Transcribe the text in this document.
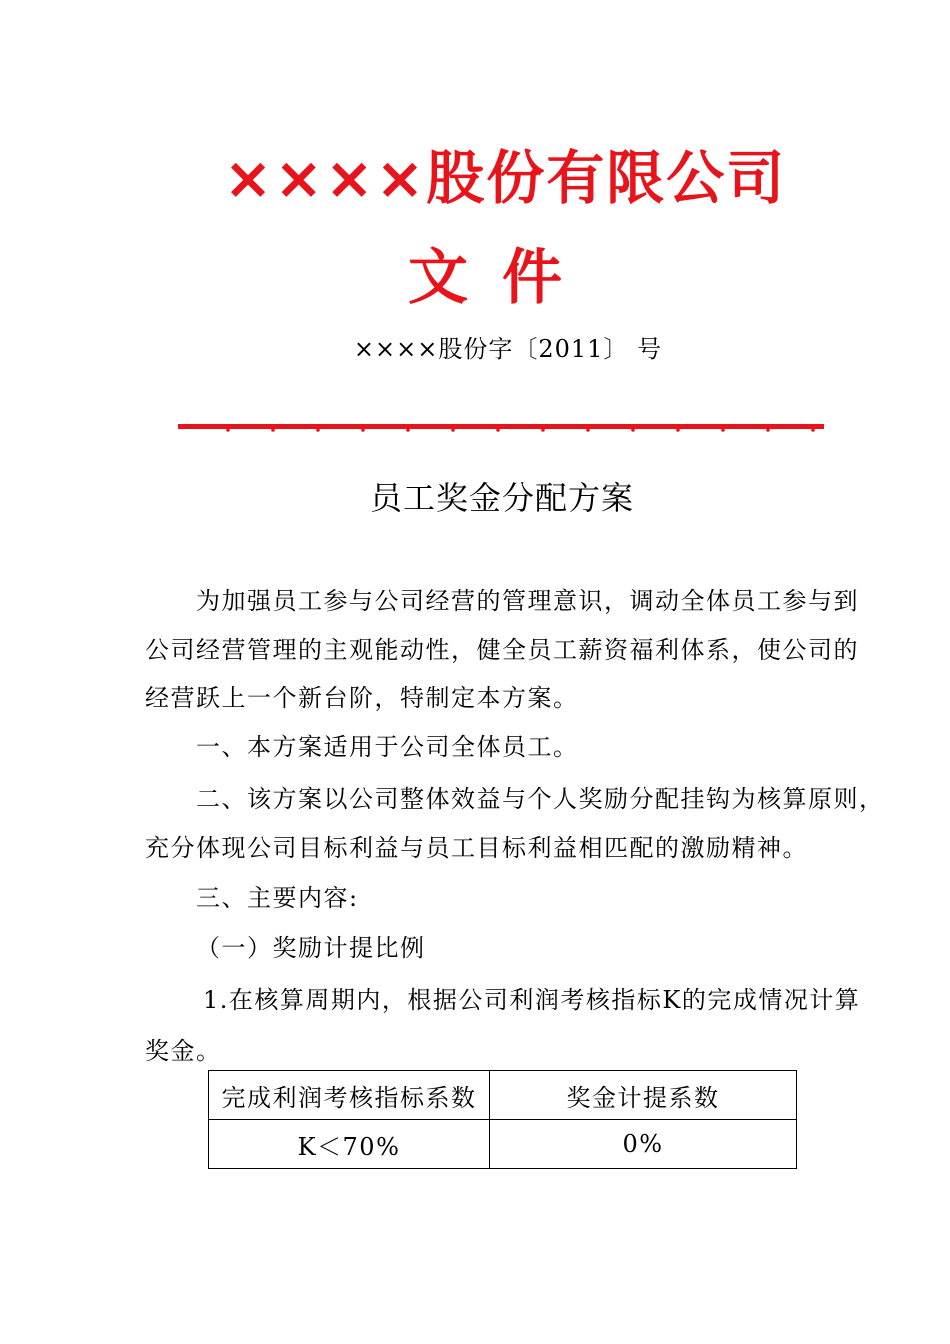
××××股份有限公司
文件
××××股份字〔2011〕 号
员工奖金分配方案
为加强员工参与公司经营的管理意识，调动全体员工参与到
公司经营管理的主观能动性，健全员工薪资福利体系，使公司的
经营跃上一个新台阶，特制定本方案。
一、本方案适用于公司全体员工。
二、该方案以公司整体效益与个人奖励分配挂钩为核算原则，
充分体现公司目标利益与员工目标利益相匹配的激励精神。
三、主要内容:
（一）奖励计提比例
1.在核算周期内，根据公司利润考核指标K的完成情况计算
奖金。
完成利润考核指标系数	奖金计提系数
K＜70%	0%
